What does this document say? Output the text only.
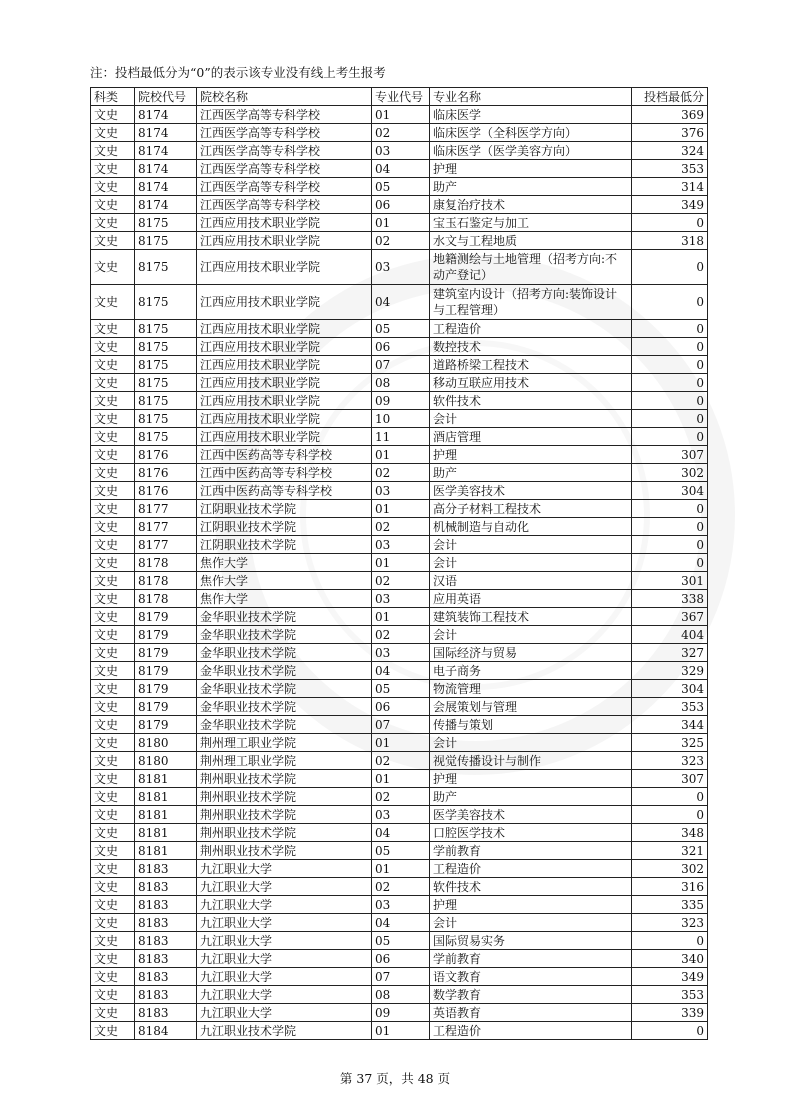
注：投档最低分为“0”的表示该专业没有线上考生报考
科类	院校代号	院校名称	专业代号	专业名称	投档最低分
文史	8174	江西医学高等专科学校	01	临床医学	369
文史	8174	江西医学高等专科学校	02	临床医学（全科医学方向）	376
文史	8174	江西医学高等专科学校	03	临床医学（医学美容方向）	324
文史	8174	江西医学高等专科学校	04	护理	353
文史	8174	江西医学高等专科学校	05	助产	314
文史	8174	江西医学高等专科学校	06	康复治疗技术	349
文史	8175	江西应用技术职业学院	01	宝玉石鉴定与加工	0
文史	8175	江西应用技术职业学院	02	水文与工程地质	318
文史	8175	江西应用技术职业学院	03	地籍测绘与土地管理（招考方向:不动产登记）	0
文史	8175	江西应用技术职业学院	04	建筑室内设计（招考方向:装饰设计与工程管理）	0
文史	8175	江西应用技术职业学院	05	工程造价	0
文史	8175	江西应用技术职业学院	06	数控技术	0
文史	8175	江西应用技术职业学院	07	道路桥梁工程技术	0
文史	8175	江西应用技术职业学院	08	移动互联应用技术	0
文史	8175	江西应用技术职业学院	09	软件技术	0
文史	8175	江西应用技术职业学院	10	会计	0
文史	8175	江西应用技术职业学院	11	酒店管理	0
文史	8176	江西中医药高等专科学校	01	护理	307
文史	8176	江西中医药高等专科学校	02	助产	302
文史	8176	江西中医药高等专科学校	03	医学美容技术	304
文史	8177	江阴职业技术学院	01	高分子材料工程技术	0
文史	8177	江阴职业技术学院	02	机械制造与自动化	0
文史	8177	江阴职业技术学院	03	会计	0
文史	8178	焦作大学	01	会计	0
文史	8178	焦作大学	02	汉语	301
文史	8178	焦作大学	03	应用英语	338
文史	8179	金华职业技术学院	01	建筑装饰工程技术	367
文史	8179	金华职业技术学院	02	会计	404
文史	8179	金华职业技术学院	03	国际经济与贸易	327
文史	8179	金华职业技术学院	04	电子商务	329
文史	8179	金华职业技术学院	05	物流管理	304
文史	8179	金华职业技术学院	06	会展策划与管理	353
文史	8179	金华职业技术学院	07	传播与策划	344
文史	8180	荆州理工职业学院	01	会计	325
文史	8180	荆州理工职业学院	02	视觉传播设计与制作	323
文史	8181	荆州职业技术学院	01	护理	307
文史	8181	荆州职业技术学院	02	助产	0
文史	8181	荆州职业技术学院	03	医学美容技术	0
文史	8181	荆州职业技术学院	04	口腔医学技术	348
文史	8181	荆州职业技术学院	05	学前教育	321
文史	8183	九江职业大学	01	工程造价	302
文史	8183	九江职业大学	02	软件技术	316
文史	8183	九江职业大学	03	护理	335
文史	8183	九江职业大学	04	会计	323
文史	8183	九江职业大学	05	国际贸易实务	0
文史	8183	九江职业大学	06	学前教育	340
文史	8183	九江职业大学	07	语文教育	349
文史	8183	九江职业大学	08	数学教育	353
文史	8183	九江职业大学	09	英语教育	339
文史	8184	九江职业技术学院	01	工程造价	0
第 37 页，共 48 页
